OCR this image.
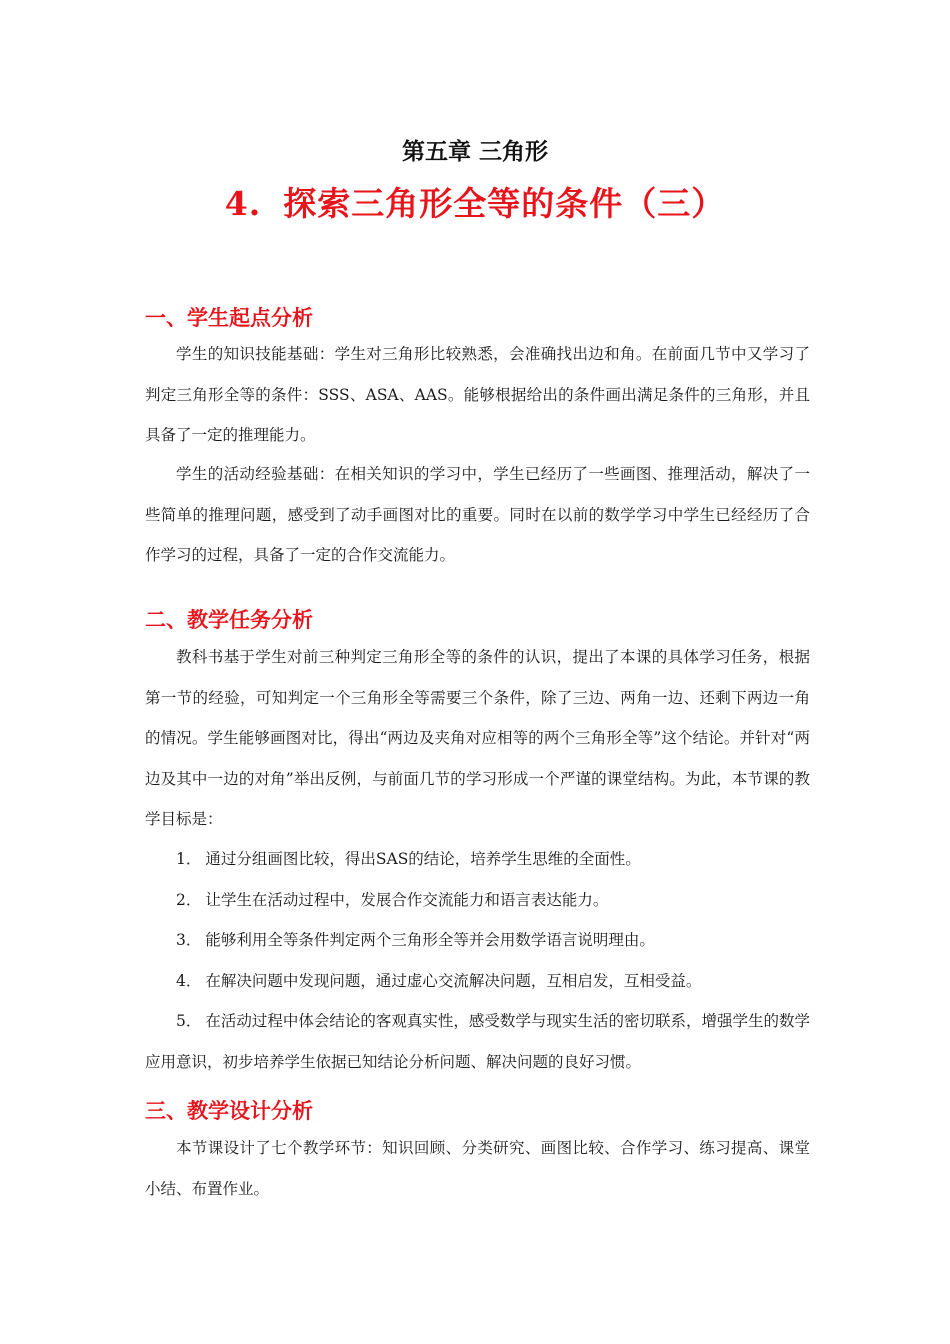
第五章 三角形
4. 探索三角形全等的条件（三）
一、学生起点分析
学生的知识技能基础：学生对三角形比较熟悉，会准确找出边和角。在前面几节中又学习了判定三角形全等的条件：SSS、ASA、AAS。能够根据给出的条件画出满足条件的三角形，并且具备了一定的推理能力。
学生的活动经验基础：在相关知识的学习中，学生已经历了一些画图、推理活动，解决了一些简单的推理问题，感受到了动手画图对比的重要。同时在以前的数学学习中学生已经经历了合作学习的过程，具备了一定的合作交流能力。
二、教学任务分析
教科书基于学生对前三种判定三角形全等的条件的认识，提出了本课的具体学习任务，根据第一节的经验，可知判定一个三角形全等需要三个条件，除了三边、两角一边、还剩下两边一角的情况。学生能够画图对比，得出“两边及夹角对应相等的两个三角形全等”这个结论。并针对“两边及其中一边的对角”举出反例，与前面几节的学习形成一个严谨的课堂结构。为此，本节课的教学目标是：
1． 通过分组画图比较，得出SAS的结论，培养学生思维的全面性。
2． 让学生在活动过程中，发展合作交流能力和语言表达能力。
3． 能够利用全等条件判定两个三角形全等并会用数学语言说明理由。
4． 在解决问题中发现问题，通过虚心交流解决问题，互相启发，互相受益。
5． 在活动过程中体会结论的客观真实性，感受数学与现实生活的密切联系，增强学生的数学应用意识，初步培养学生依据已知结论分析问题、解决问题的良好习惯。
三、教学设计分析
本节课设计了七个教学环节：知识回顾、分类研究、画图比较、合作学习、练习提高、课堂小结、布置作业。
